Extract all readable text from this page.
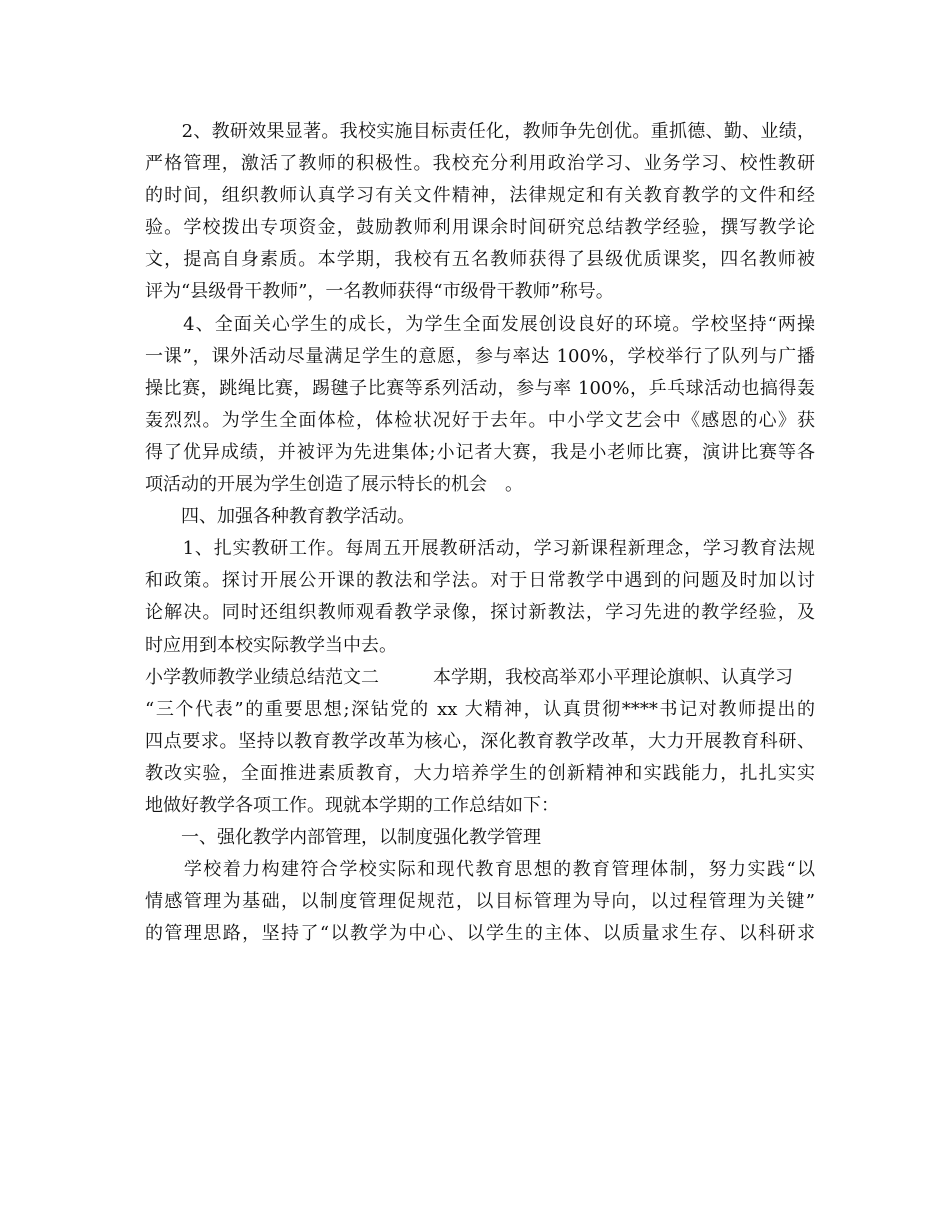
　　2、教研效果显著。我校实施目标责任化，教师争先创优。重抓德、勤、业绩，
严格管理，激活了教师的积极性。我校充分利用政治学习、业务学习、校性教研
的时间，组织教师认真学习有关文件精神，法律规定和有关教育教学的文件和经
验。学校拨出专项资金，鼓励教师利用课余时间研究总结教学经验，撰写教学论
文，提高自身素质。本学期，我校有五名教师获得了县级优质课奖，四名教师被
评为“县级骨干教师”，一名教师获得“市级骨干教师”称号。
　　4、全面关心学生的成长，为学生全面发展创设良好的环境。学校坚持“两操
一课”，课外活动尽量满足学生的意愿，参与率达 100%，学校举行了队列与广播
操比赛，跳绳比赛，踢毽子比赛等系列活动，参与率 100%，乒乓球活动也搞得轰
轰烈烈。为学生全面体检，体检状况好于去年。中小学文艺会中《感恩的心》获
得了优异成绩，并被评为先进集体;小记者大赛，我是小老师比赛，演讲比赛等各
项活动的开展为学生创造了展示特长的机会　。
　　四、加强各种教育教学活动。
　　1、扎实教研工作。每周五开展教研活动，学习新课程新理念，学习教育法规
和政策。探讨开展公开课的教法和学法。对于日常教学中遇到的问题及时加以讨
论解决。同时还组织教师观看教学录像，探讨新教法，学习先进的教学经验，及
时应用到本校实际教学当中去。
小学教师教学业绩总结范文二　　　本学期，我校高举邓小平理论旗帜、认真学习
“三个代表”的重要思想;深钻党的 xx 大精神，认真贯彻****书记对教师提出的
四点要求。坚持以教育教学改革为核心，深化教育教学改革，大力开展教育科研、
教改实验，全面推进素质教育，大力培养学生的创新精神和实践能力，扎扎实实
地做好教学各项工作。现就本学期的工作总结如下：
　　一、强化教学内部管理，以制度强化教学管理
　　学校着力构建符合学校实际和现代教育思想的教育管理体制，努力实践“以
情感管理为基础，以制度管理促规范，以目标管理为导向，以过程管理为关键”
的管理思路，坚持了“以教学为中心、以学生的主体、以质量求生存、以科研求
